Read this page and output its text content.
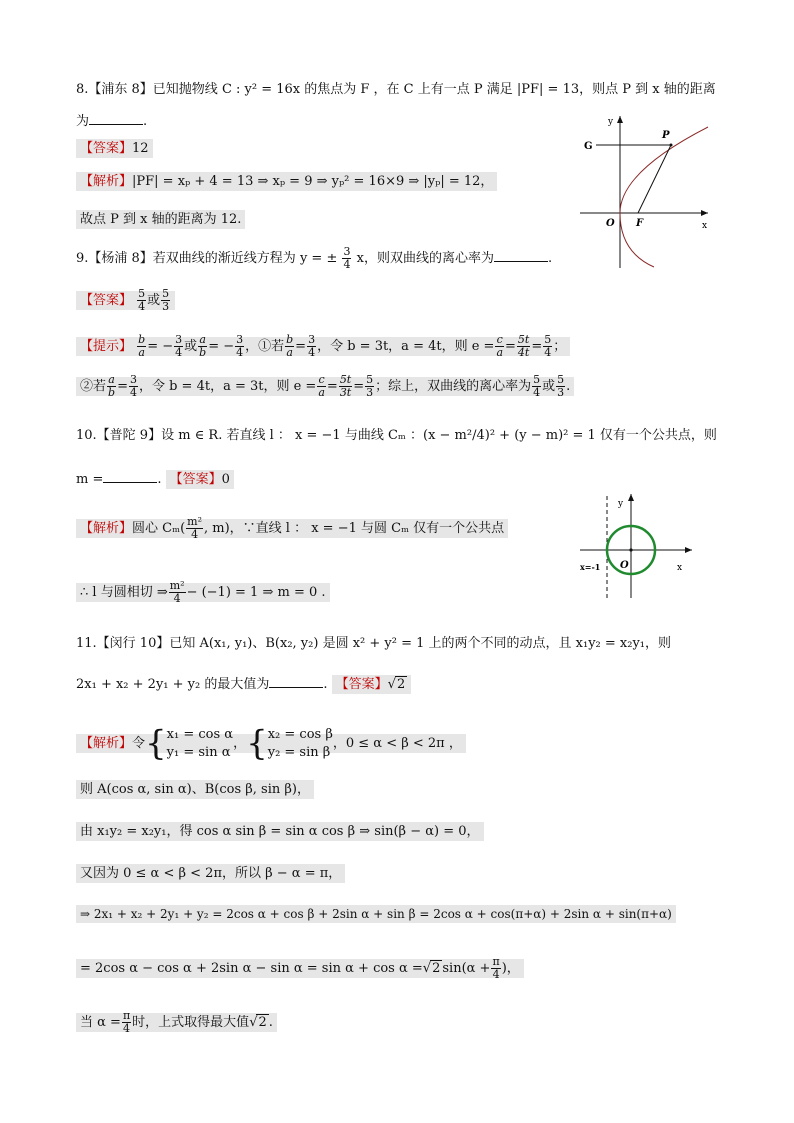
8.【浦东 8】已知抛物线 C : y² = 16x 的焦点为 F ，在 C 上有一点 P 满足 |PF| = 13，则点 P 到 x 轴的距离
为	.
【答案】12
【解析】|PF| = xₚ + 4 = 13 ⇒ xₚ = 9 ⇒ yₚ² = 16×9 ⇒ |yₚ| = 12，
故点 P 到 x 轴的距离为 12.
y
x
G
P
O F
9.【杨浦 8】若双曲线的渐近线方程为 y = ± $\frac{3}{4}$ x，则双曲线的离心率为	.
【答案】 $\frac{5}{4}$ 或 $\frac{5}{3}$
【提示】 $\frac{b}{a}$ = − $\frac{3}{4}$ 或 $\frac{a}{b}$ = − $\frac{3}{4}$ ，①若 $\frac{b}{a} = \frac{3}{4}$ ，令 b = 3t，a = 4t，则 $e = \frac{c}{a} = \frac{5t}{4t} = \frac{5}{4}$ ；
②若 $\frac{a}{b} = \frac{3}{4}$ ，令 b = 4t，a = 3t，则 $e = \frac{c}{a} = \frac{5t}{3t} = \frac{5}{3}$ ；综上，双曲线的离心率为 $\frac{5}{4}$ 或 $\frac{5}{3}$ .
10.【普陀 9】设 m ∈ R. 若直线 l ： x = −1 与曲线 Cₘ ：(x − m²/4)² + (y − m)² = 1 仅有一个公共点，则
m =	. 【答案】0
【解析】圆心 $C_m( \frac{\text{m²}}{4}$ , m)，∵直线 l ： x = −1 与圆 Cₘ 仅有一个公共点
∴ l 与圆相切 ⇒ $\frac{\text{m²}}{4} - (-1) = 1$ ⇒ m = 0 .
y
x
O
x=-1
11.【闵行 10】已知 A(x₁, y₁)、B(x₂, y₂) 是圆 x² + y² = 1 上的两个不同的动点，且 x₁y₂ = x₂y₁，则
2x₁ + x₂ + 2y₁ + y₂ 的最大值为	. 【答案】√2
【解析】令{ x₁ = cos α
y₁ = sin α
，{ x₂ = cos β
y₂ = sin β
，0 ≤ α < β < 2π ，
则 A(cos α, sin α)、B(cos β, sin β)，
由 x₁y₂ = x₂y₁，得 cos α sin β = sin α cos β ⇒ sin(β − α) = 0，
又因为 0 ≤ α < β < 2π，所以 β − α = π，
⇒ 2x₁ + x₂ + 2y₁ + y₂ = 2cos α + cos β + 2sin α + sin β = 2cos α + cos(π+α) + 2sin α + sin(π+α)
= 2cos α − cos α + 2sin α − sin α = sin α + cos α =√2 $\sin(\alpha + \frac{\pi}{4}$ )，
当 $\alpha = \frac{\pi}{4}$ 时，上式取得最大值√2 .
